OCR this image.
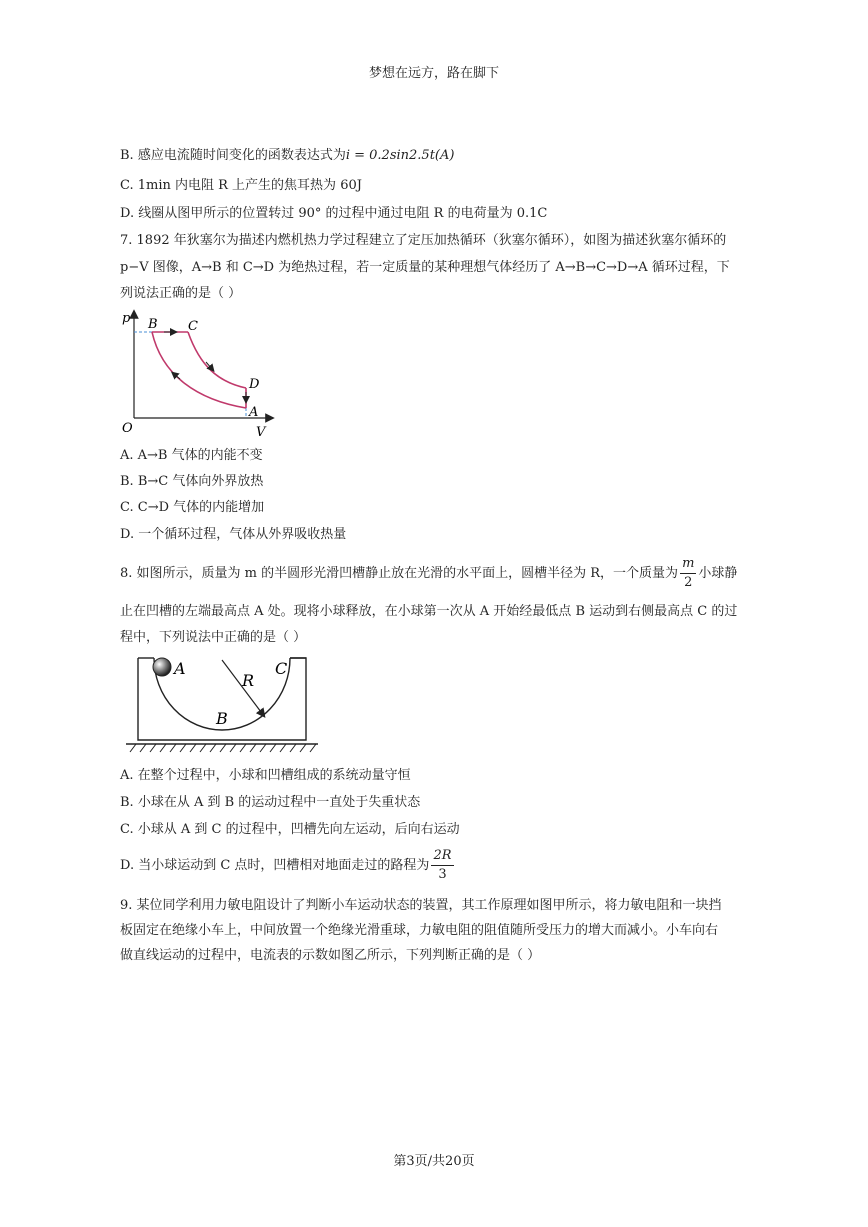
梦想在远方，路在脚下
B. 感应电流随时间变化的函数表达式为i = 0.2sin2.5t(A)
C. 1min 内电阻 R 上产生的焦耳热为 60J
D. 线圈从图甲所示的位置转过 90° 的过程中通过电阻 R 的电荷量为 0.1C
7. 1892 年狄塞尔为描述内燃机热力学过程建立了定压加热循环（狄塞尔循环），如图为描述狄塞尔循环的
p−V 图像，A→B 和 C→D 为绝热过程，若一定质量的某种理想气体经历了 A→B→C→D→A 循环过程，下
列说法正确的是（ ）
p
V
O
B C
D
A
A. A→B 气体的内能不变
B. B→C 气体向外界放热
C. C→D 气体的内能增加
D. 一个循环过程，气体从外界吸收热量
8. 如图所示，质量为 m 的半圆形光滑凹槽静止放在光滑的水平面上，圆槽半径为 R，一个质量为 $\frac{m}{2}$ 小球静
止在凹槽的左端最高点 A 处。现将小球释放，在小球第一次从 A 开始经最低点 B 运动到右侧最高点 C 的过
程中，下列说法中正确的是（ ）
A	C
R
B
A. 在整个过程中，小球和凹槽组成的系统动量守恒
B. 小球在从 A 到 B 的运动过程中一直处于失重状态
C. 小球从 A 到 C 的过程中，凹槽先向左运动，后向右运动
D. 当小球运动到 C 点时，凹槽相对地面走过的路程为 $\frac{2R}{3}$
9. 某位同学利用力敏电阻设计了判断小车运动状态的装置，其工作原理如图甲所示，将力敏电阻和一块挡
板固定在绝缘小车上，中间放置一个绝缘光滑重球，力敏电阻的阻值随所受压力的增大而减小。小车向右
做直线运动的过程中，电流表的示数如图乙所示，下列判断正确的是（ ）
第3页/共20页
